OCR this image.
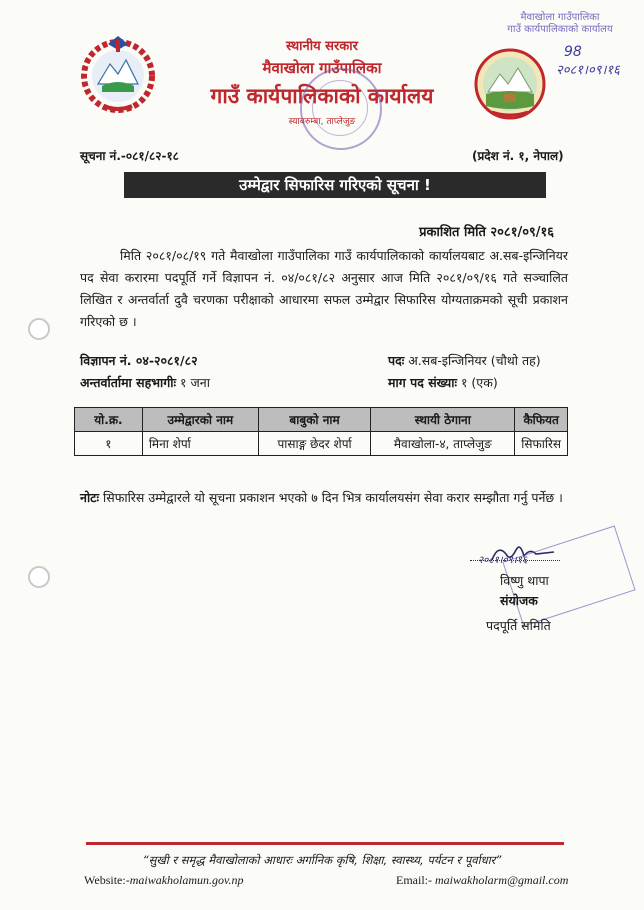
स्थानीय सरकार
मैवाखोला गाउँपालिका
गाउँ कार्यपालिकाको कार्यालय
स्याबरुम्बा, ताप्लेजुङ
मैवाखोला गाउँपालिका
गाउँ कार्यपालिकाको कार्यालय
98
२०८१।०९।१६
सूचना नं.-०८१/८२-१८	(प्रदेश नं. १, नेपाल)
उम्मेद्वार सिफारिस गरिएको सूचना !
प्रकाशित मिति २०८१/०९/१६
मिति २०८१/०८/१९ गते मैवाखोला गाउँपालिका गाउँ कार्यपालिकाको कार्यालयबाट अ.सब-इन्जिनियर पद सेवा करारमा पदपूर्ति गर्ने विज्ञापन नं. ०४/०८१/८२ अनुसार आज मिति २०८१/०९/१६ गते सञ्चालित लिखित र अन्तर्वार्ता दुवै चरणका परीक्षाको आधारमा सफल उम्मेद्वार सिफारिस योग्यताक्रमको सूची प्रकाशन गरिएको छ ।
विज्ञापन नं. ०४-२०८१/८२
अन्तर्वार्तामा सहभागीः १ जना
पदः अ.सब-इन्जिनियर (चौथो तह)
माग पद संख्याः १ (एक)
यो.क्र.	उम्मेद्वारको नाम	बाबुको नाम	स्थायी ठेगाना	कैफियत
१	मिना शेर्पा	पासाङ्ग छेदर शेर्पा	मैवाखोला-४, ताप्लेजुङ	सिफारिस
नोटः सिफारिस उम्मेद्वारले यो सूचना प्रकाशन भएको ७ दिन भित्र कार्यालयसंग सेवा करार सम्झौता गर्नु पर्नेछ ।
२०८१।०९।१६
विष्णु थापा
संयोजक
पदपूर्ति समिति
“सुखी र समृद्ध मैवाखोलाको आधारः अर्गानिक कृषि, शिक्षा, स्वास्थ्य, पर्यटन र पूर्वाधार”
Website:-maiwakholamun.gov.np	Email:- maiwakholarm@gmail.com
